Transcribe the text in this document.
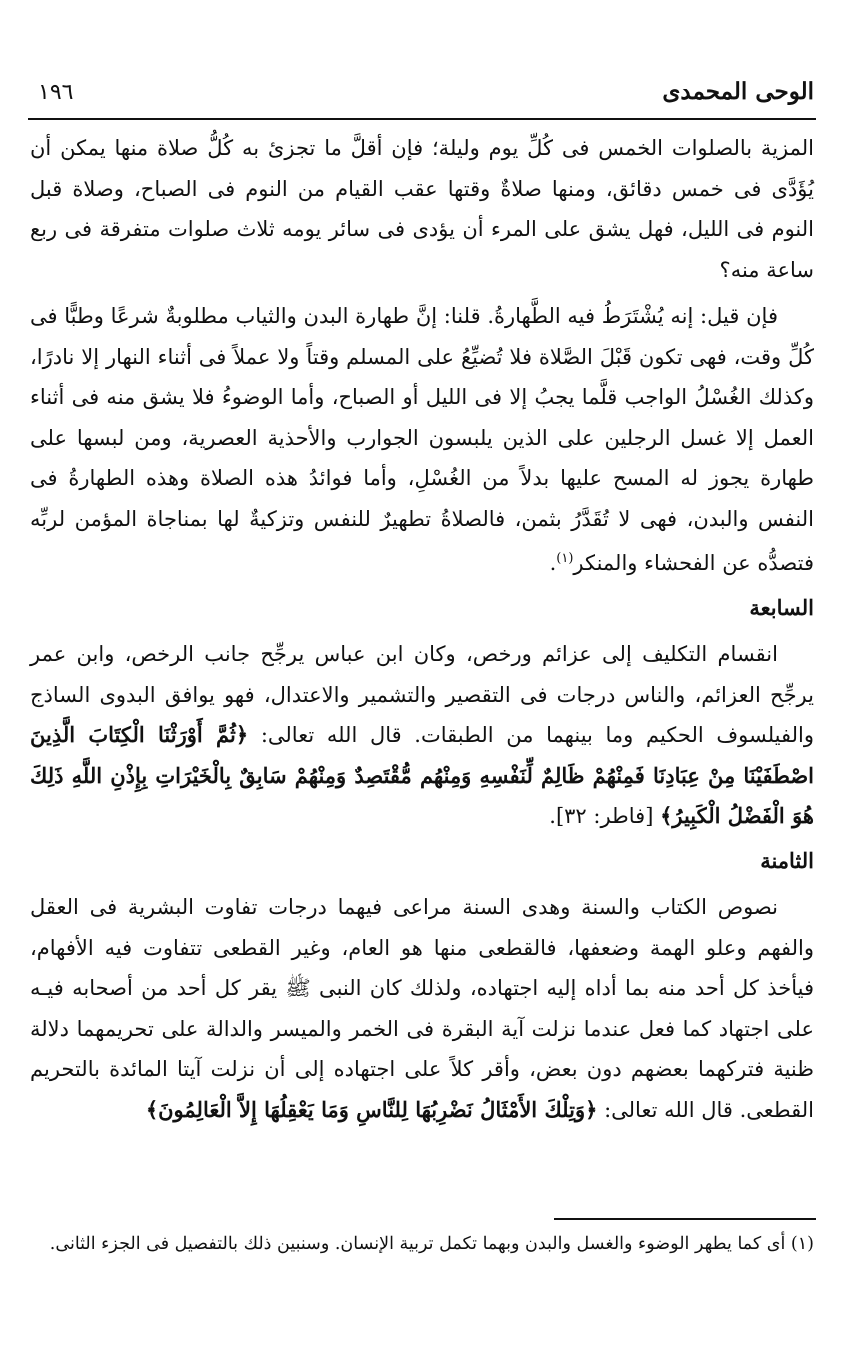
الوحى المحمدى
١٩٦

المزية بالصلوات الخمس فى كُلِّ يوم وليلة؛ فإن أقلَّ ما تجزئ به كُلُّ صلاة منها يمكن أن يُؤَدَّى فى خمس دقائق، ومنها صلاةٌ وقتها عقب القيام من النوم فى الصباح، وصلاة قبل النوم فى الليل، فهل يشق على المرء أن يؤدى فى سائر يومه ثلاث صلوات متفرقة فى ربع ساعة منه؟

فإن قيل: إنه يُشْتَرَطُ فيه الطَّهارةُ. قلنا: إنَّ طهارة البدن والثياب مطلوبةٌ شرعًا وطبًّا فى كُلِّ وقت، فهى تكون قَبْلَ الصَّلاة فلا تُضيِّعُ على المسلم وقتاً ولا عملاً فى أثناء النهار إلا نادرًا، وكذلك الغُسْلُ الواجب قلَّما يجبُ إلا فى الليل أو الصباح، وأما الوضوءُ فلا يشق منه فى أثناء العمل إلا غسل الرجلين على الذين يلبسون الجوارب والأحذية العصرية، ومن لبسها على طهارة يجوز له المسح عليها بدلاً من الغُسْلِ، وأما فوائدُ هذه الصلاة وهذه الطهارةُ فى النفس والبدن، فهى لا تُقَدَّرُ بثمن، فالصلاةُ تطهيرٌ للنفس وتزكيةٌ لها بمناجاة المؤمن لربِّه فتصدُّه عن الفحشاء والمنكر$^{(١)}$.

السابعة

انقسام التكليف إلى عزائم ورخص، وكان ابن عباس يرجِّح جانب الرخص، وابن عمر يرجِّح العزائم، والناس درجات فى التقصير والتشمير والاعتدال، فهو يوافق البدوى الساذج والفيلسوف الحكيم وما بينهما من الطبقات. قال الله تعالى: ﴿ثُمَّ أَوْرَثْنَا الْكِتَابَ الَّذِينَ اصْطَفَيْنَا مِنْ عِبَادِنَا فَمِنْهُمْ ظَالِمٌ لِّنَفْسِهِ وَمِنْهُم مُّقْتَصِدٌ وَمِنْهُمْ سَابِقٌ بِالْخَيْرَاتِ بِإِذْنِ اللَّهِ ذَلِكَ هُوَ الْفَضْلُ الْكَبِيرُ﴾ [فاطر: ٣٢].

الثامنة

نصوص الكتاب والسنة وهدى السنة مراعى فيهما درجات تفاوت البشرية فى العقل والفهم وعلو الهمة وضعفها، فالقطعى منها هو العام، وغير القطعى تتفاوت فيه الأفهام، فيأخذ كل أحد منه بما أداه إليه اجتهاده، ولذلك كان النبى ﷺ يقر كل أحد من أصحابه فيـه على اجتهاد كما فعل عندما نزلت آية البقرة فى الخمر والميسر والدالة على تحريمهما دلالة ظنية فتركهما بعضهم دون بعض، وأقر كلاً على اجتهاده إلى أن نزلت آيتا المائدة بالتحريم القطعى. قال الله تعالى: ﴿وَتِلْكَ الأَمْثَالُ نَضْرِبُهَا لِلنَّاسِ وَمَا يَعْقِلُهَا إِلاَّ الْعَالِمُونَ﴾

(١) أى كما يطهر الوضوء والغسل والبدن وبهما تكمل تربية الإنسان. وسنبين ذلك بالتفصيل فى الجزء الثانى.
